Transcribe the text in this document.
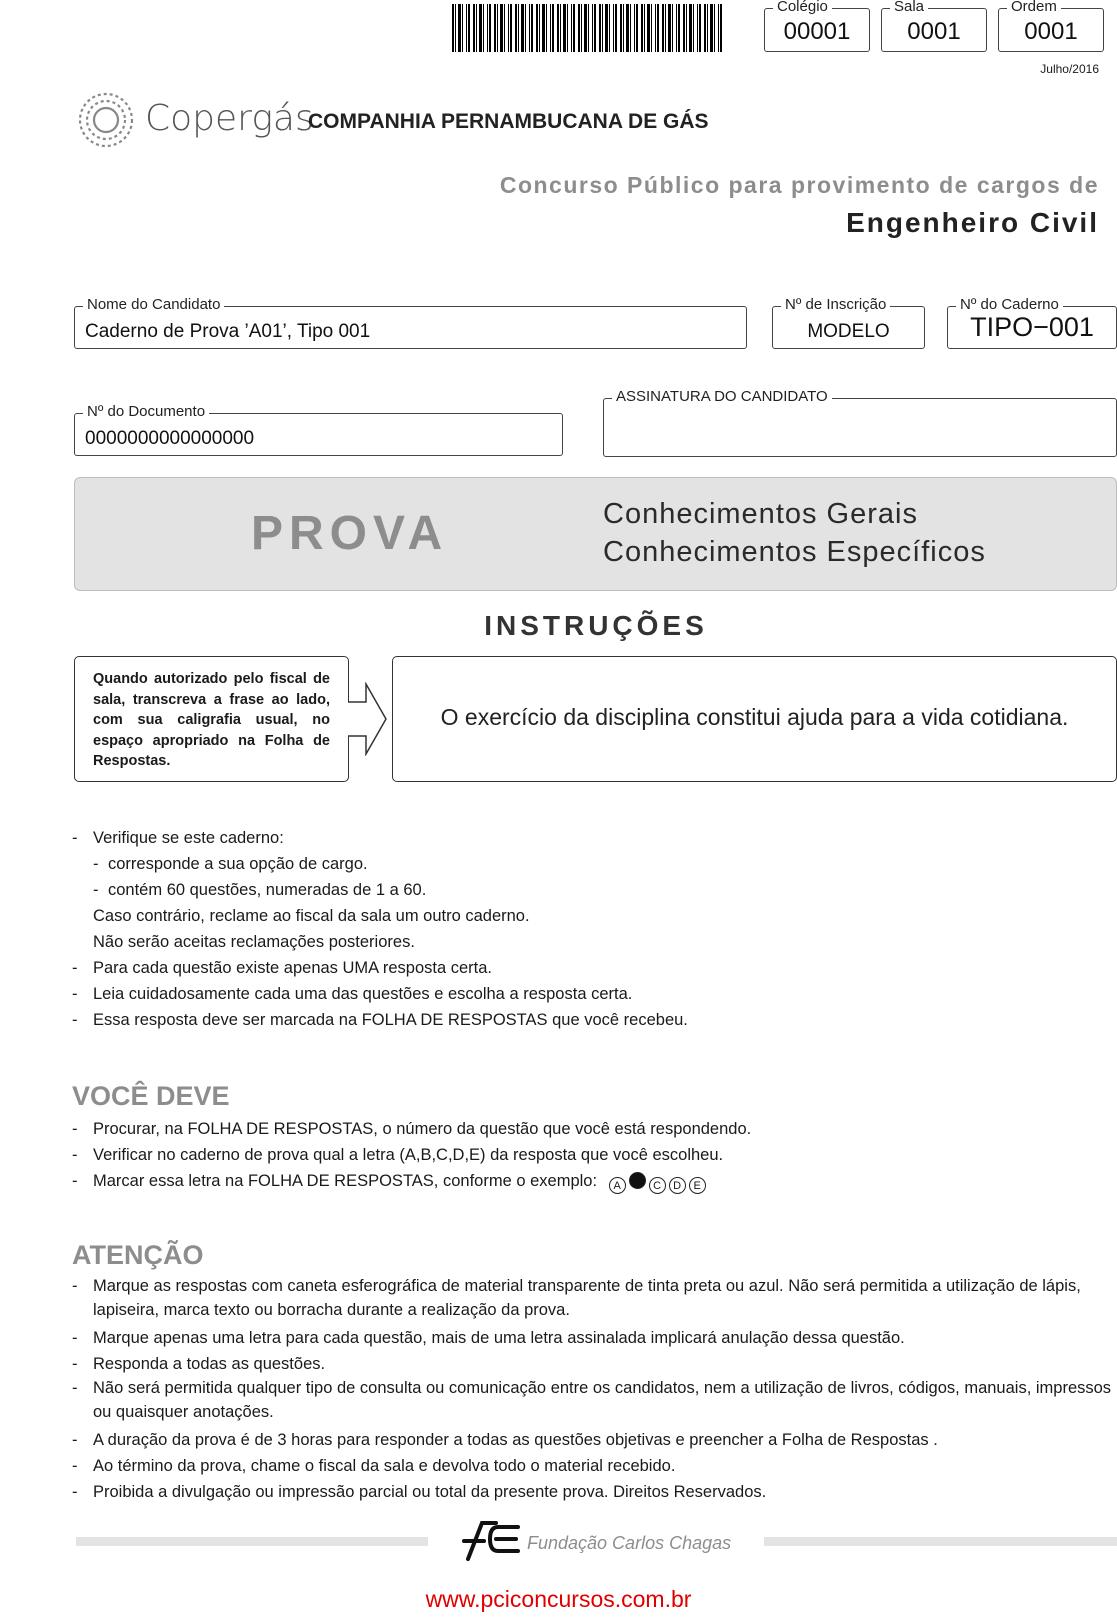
Colégio
00001
Sala
0001
Ordem
0001
Julho/2016
Copergás
COMPANHIA PERNAMBUCANA DE GÁS
Concurso Público para provimento de cargos de
Engenheiro Civil
Nome do Candidato
Caderno de Prova ’A01’, Tipo 001
Nº de Inscrição
MODELO
Nº do Caderno
TIPO−001
Nº do Documento
0000000000000000
ASSINATURA DO CANDIDATO
PROVA	Conhecimentos Gerais
Conhecimentos Específicos
INSTRUÇÕES
Quando autorizado pelo fiscal de sala, transcreva a frase ao lado, com sua caligrafia usual, no espaço apropriado na Folha de Respostas.
O exercício da disciplina constitui ajuda para a vida cotidiana.
- Verifique se este caderno:
- corresponde a sua opção de cargo.
- contém 60 questões, numeradas de 1 a 60.
Caso contrário, reclame ao fiscal da sala um outro caderno.
Não serão aceitas reclamações posteriores.
- Para cada questão existe apenas UMA resposta certa.
- Leia cuidadosamente cada uma das questões e escolha a resposta certa.
- Essa resposta deve ser marcada na FOLHA DE RESPOSTAS que você recebeu.
VOCÊ DEVE
- Procurar, na FOLHA DE RESPOSTAS, o número da questão que você está respondendo.
- Verificar no caderno de prova qual a letra (A,B,C,D,E) da resposta que você escolheu.
- Marcar essa letra na FOLHA DE RESPOSTAS, conforme o exemplo: A	C D E
ATENÇÃO
- Marque as respostas com caneta esferográfica de material transparente de tinta preta ou azul. Não será permitida a utilização de lápis, lapiseira, marca texto ou borracha durante a realização da prova.
- Marque apenas uma letra para cada questão, mais de uma letra assinalada implicará anulação dessa questão.
- Responda a todas as questões.
- Não será permitida qualquer tipo de consulta ou comunicação entre os candidatos, nem a utilização de livros, códigos, manuais, impressos ou quaisquer anotações.
- A duração da prova é de 3 horas para responder a todas as questões objetivas e preencher a Folha de Respostas .
- Ao término da prova, chame o fiscal da sala e devolva todo o material recebido.
- Proibida a divulgação ou impressão parcial ou total da presente prova. Direitos Reservados.
Fundação Carlos Chagas
www.pciconcursos.com.br
